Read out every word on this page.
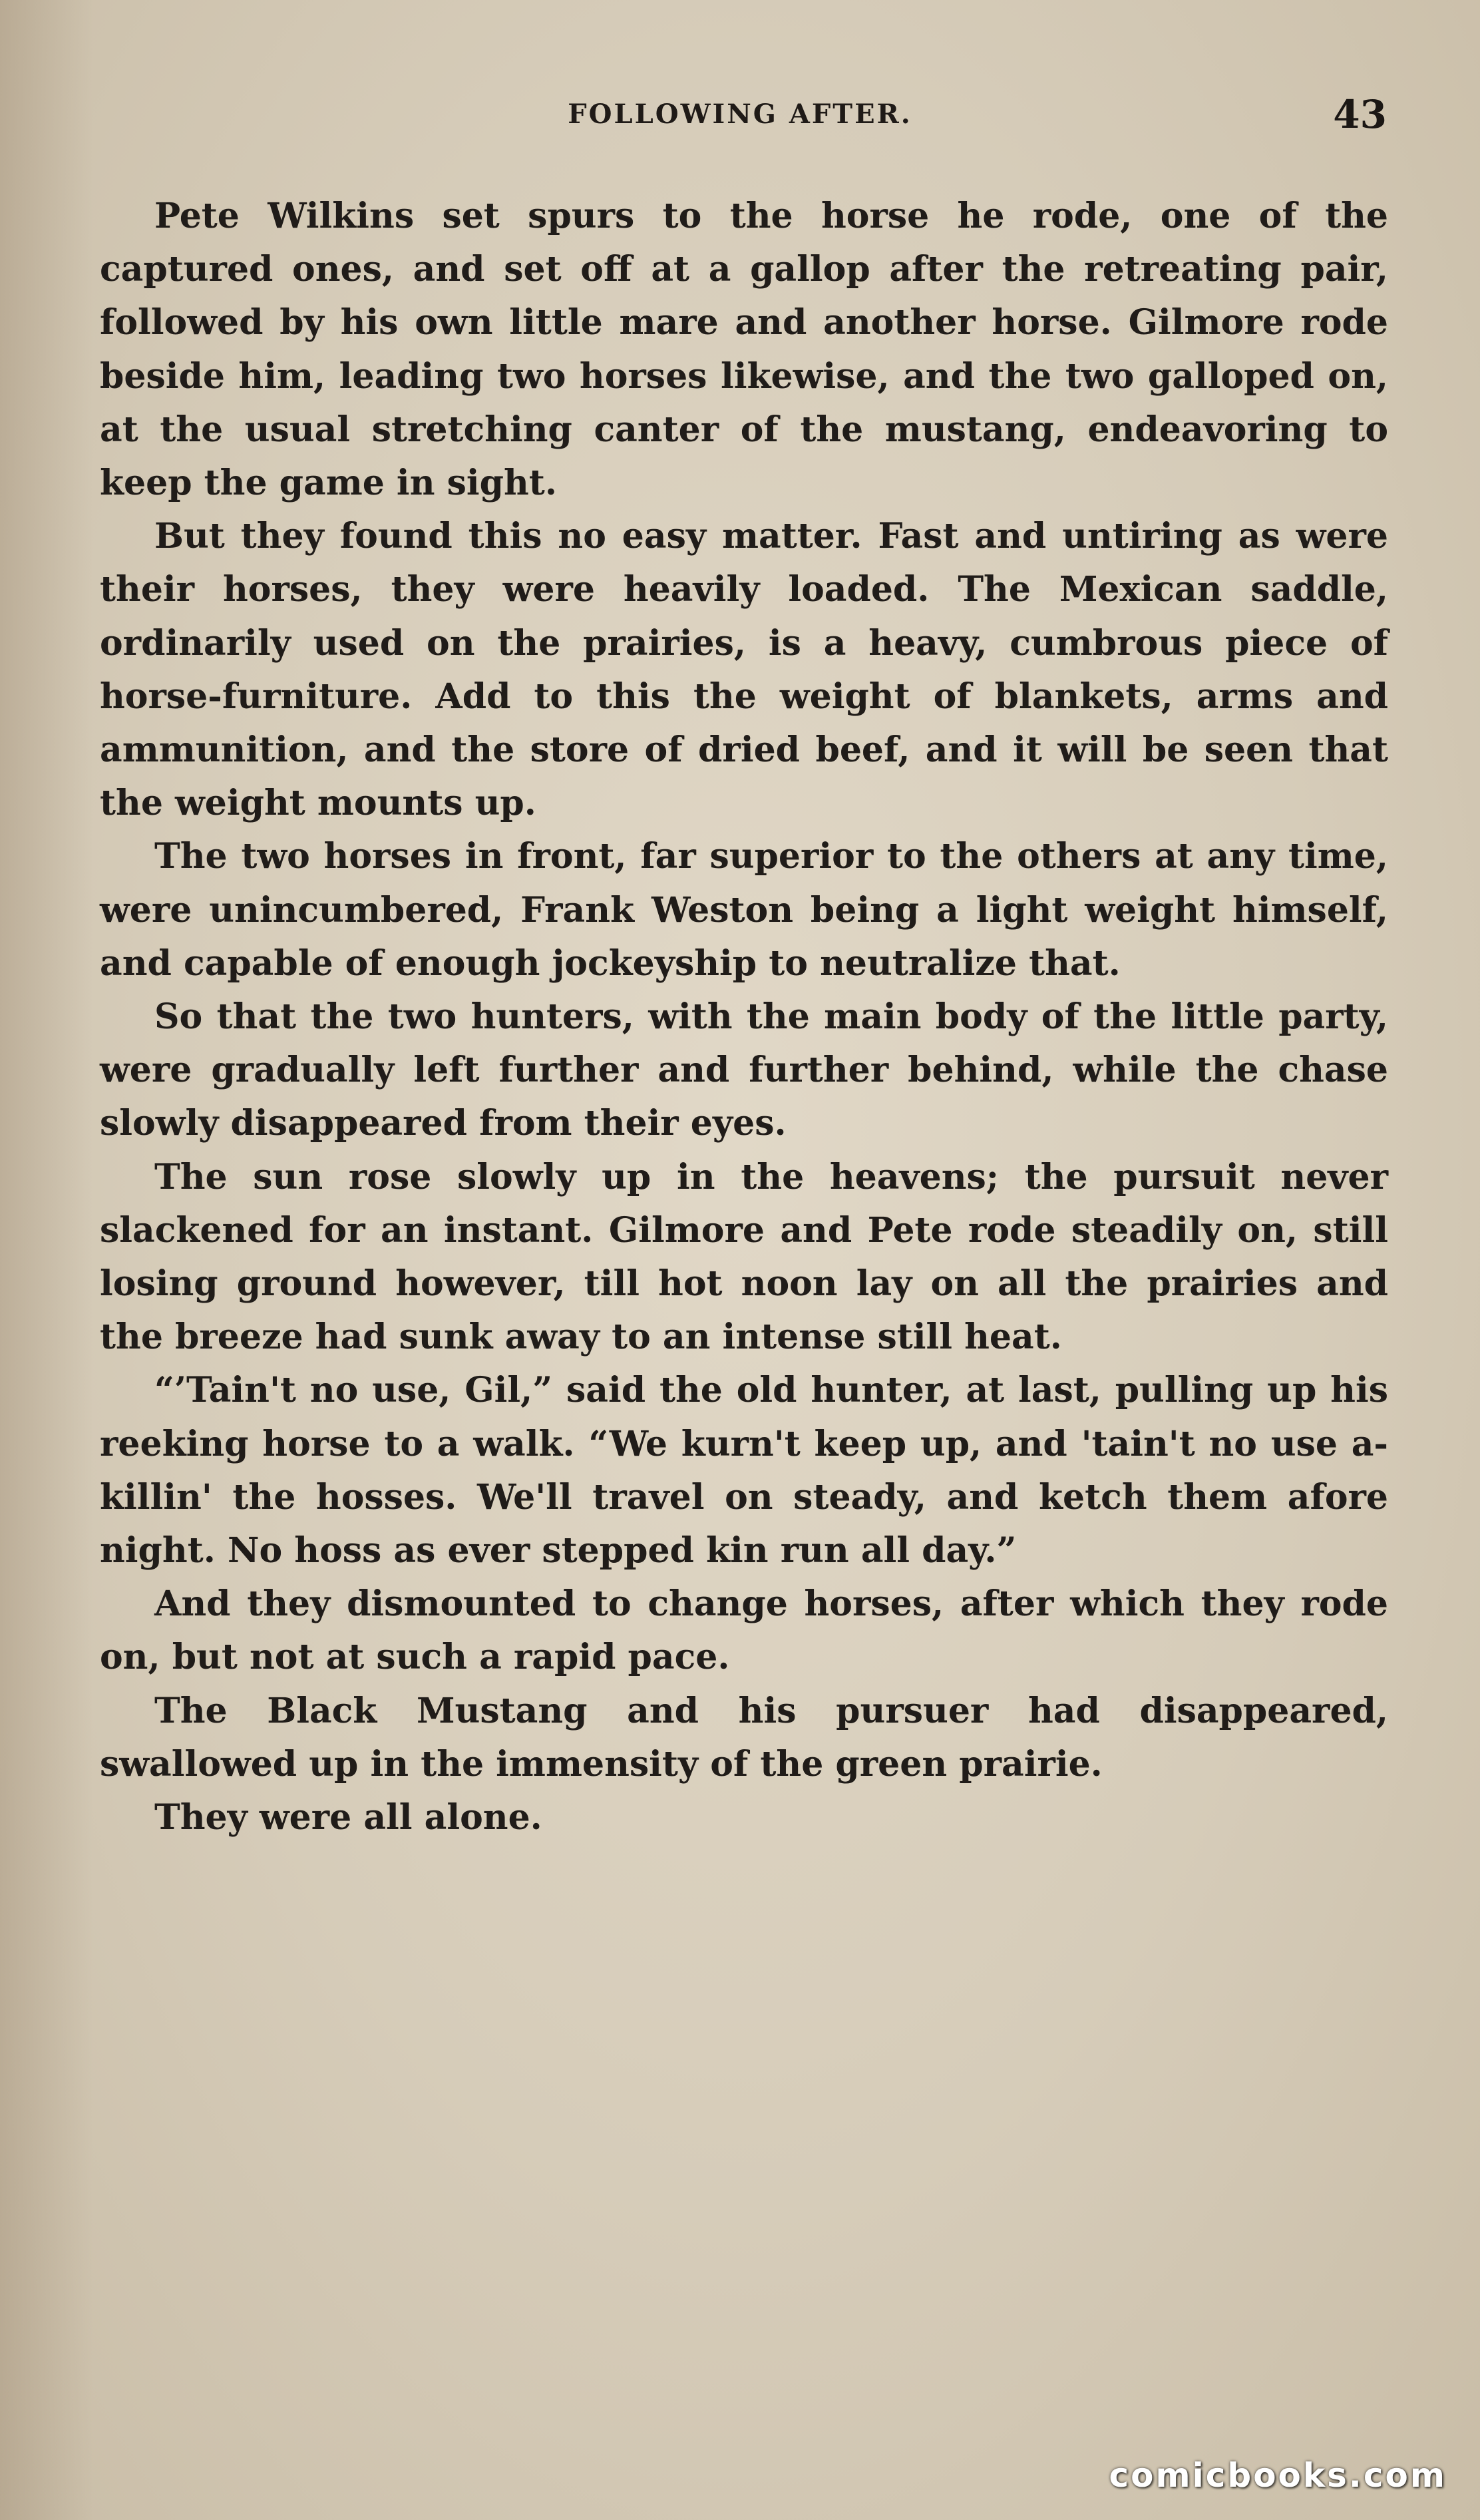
FOLLOWING AFTER.	43

Pete Wilkins set spurs to the horse he rode, one of the captured ones, and set off at a gallop after the retreating pair, followed by his own little mare and another horse. Gilmore rode beside him, leading two horses likewise, and the two galloped on, at the usual stretching canter of the mustang, endeavoring to keep the game in sight.

But they found this no easy matter. Fast and untiring as were their horses, they were heavily loaded. The Mexican saddle, ordinarily used on the prairies, is a heavy, cumbrous piece of horse-furniture. Add to this the weight of blankets, arms and ammunition, and the store of dried beef, and it will be seen that the weight mounts up.

The two horses in front, far superior to the others at any time, were unincumbered, Frank Weston being a light weight himself, and capable of enough jockeyship to neutralize that.

So that the two hunters, with the main body of the little party, were gradually left further and further behind, while the chase slowly disappeared from their eyes.

The sun rose slowly up in the heavens; the pursuit never slackened for an instant. Gilmore and Pete rode steadily on, still losing ground however, till hot noon lay on all the prairies and the breeze had sunk away to an intense still heat.

“’Tain't no use, Gil,” said the old hunter, at last, pulling up his reeking horse to a walk. “We kurn't keep up, and 'tain't no use a-killin' the hosses. We'll travel on steady, and ketch them afore night. No hoss as ever stepped kin run all day.”

And they dismounted to change horses, after which they rode on, but not at such a rapid pace.

The Black Mustang and his pursuer had disappeared, swallowed up in the immensity of the green prairie.

They were all alone.

comicbooks.com
